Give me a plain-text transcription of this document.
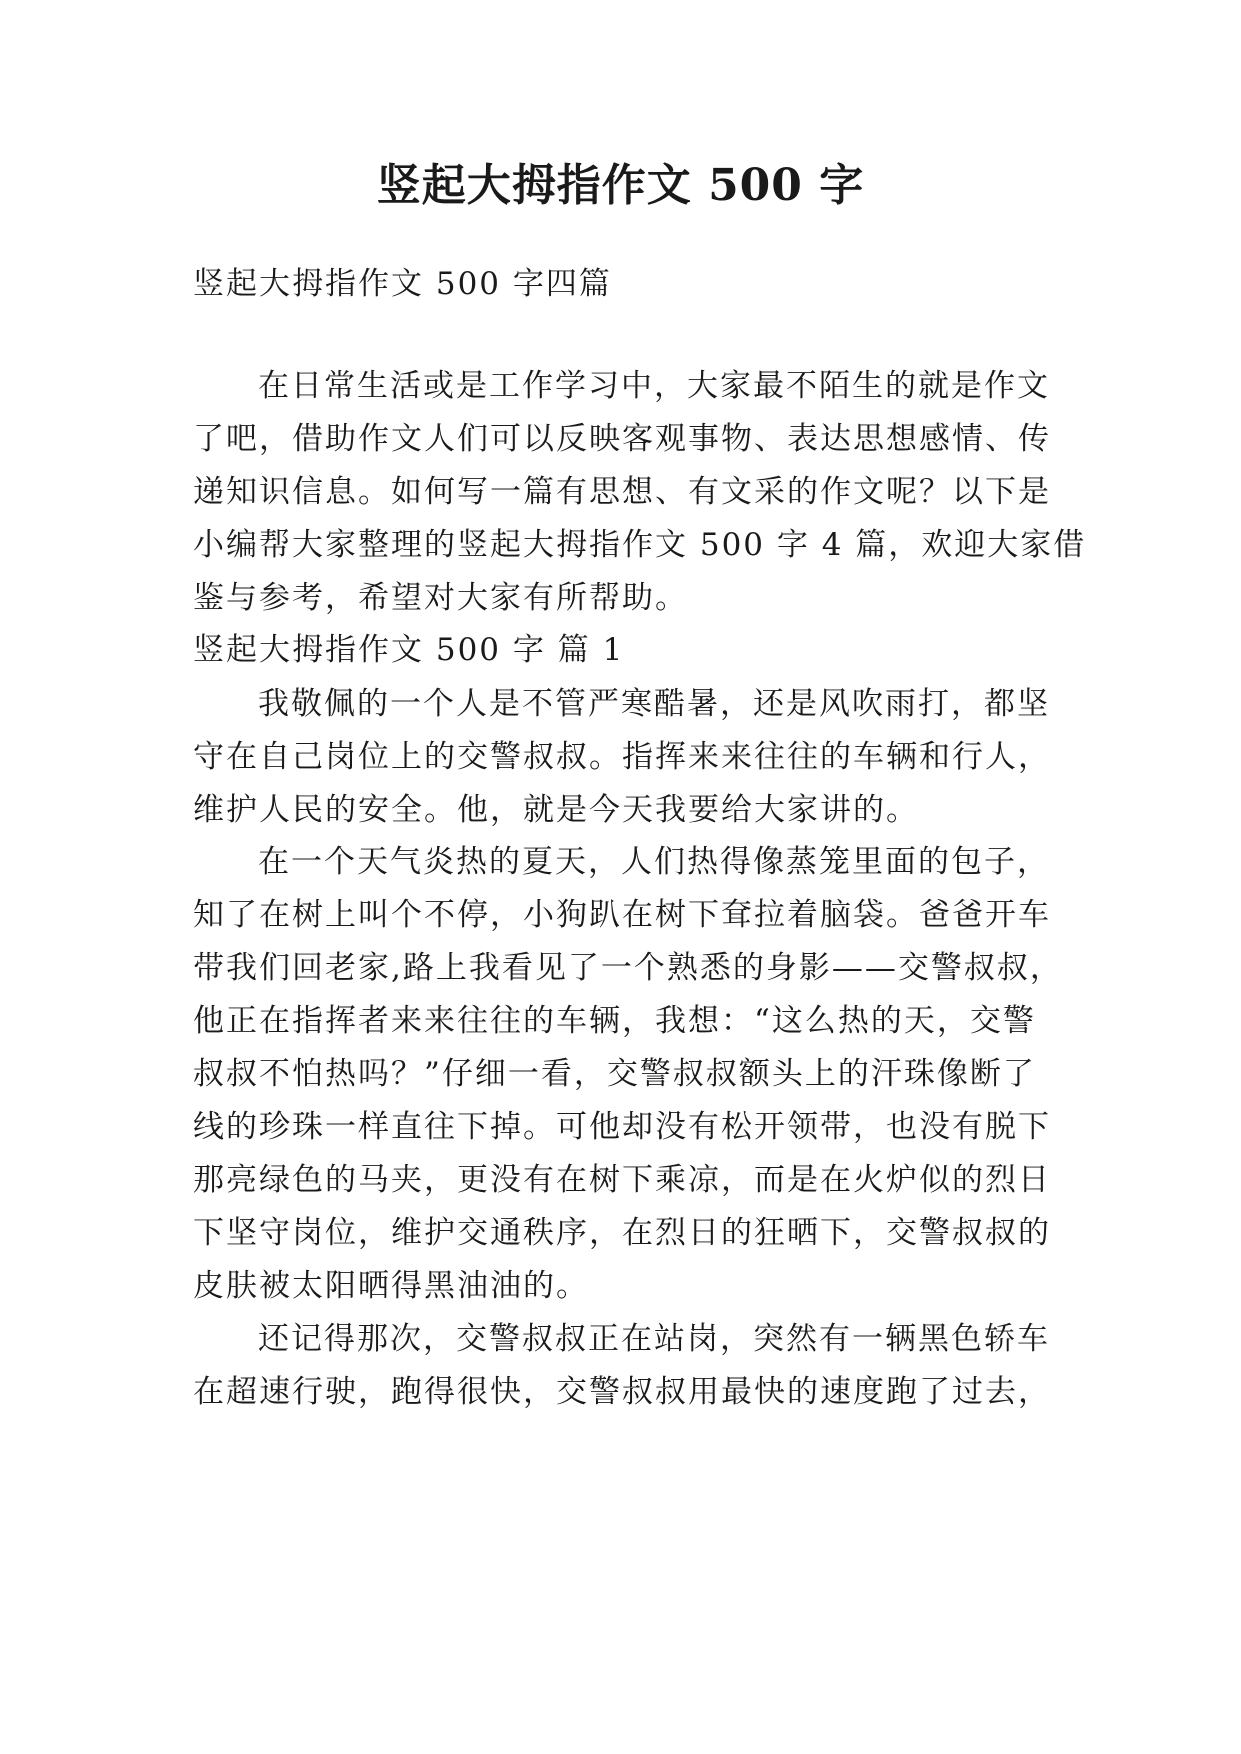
竖起大拇指作文 500 字
竖起大拇指作文 500 字四篇
在日常生活或是工作学习中，大家最不陌生的就是作文
了吧，借助作文人们可以反映客观事物、表达思想感情、传
递知识信息。如何写一篇有思想、有文采的作文呢？以下是
小编帮大家整理的竖起大拇指作文 500 字 4 篇，欢迎大家借
鉴与参考，希望对大家有所帮助。
竖起大拇指作文 500 字 篇 1
我敬佩的一个人是不管严寒酷暑，还是风吹雨打，都坚
守在自己岗位上的交警叔叔。指挥来来往往的车辆和行人，
维护人民的安全。他，就是今天我要给大家讲的。
在一个天气炎热的夏天，人们热得像蒸笼里面的包子，
知了在树上叫个不停，小狗趴在树下耷拉着脑袋。爸爸开车
带我们回老家,路上我看见了一个熟悉的身影——交警叔叔，
他正在指挥者来来往往的车辆，我想：“这么热的天，交警
叔叔不怕热吗？”仔细一看，交警叔叔额头上的汗珠像断了
线的珍珠一样直往下掉。可他却没有松开领带，也没有脱下
那亮绿色的马夹，更没有在树下乘凉，而是在火炉似的烈日
下坚守岗位，维护交通秩序，在烈日的狂晒下，交警叔叔的
皮肤被太阳晒得黑油油的。
还记得那次，交警叔叔正在站岗，突然有一辆黑色轿车
在超速行驶，跑得很快，交警叔叔用最快的速度跑了过去，
